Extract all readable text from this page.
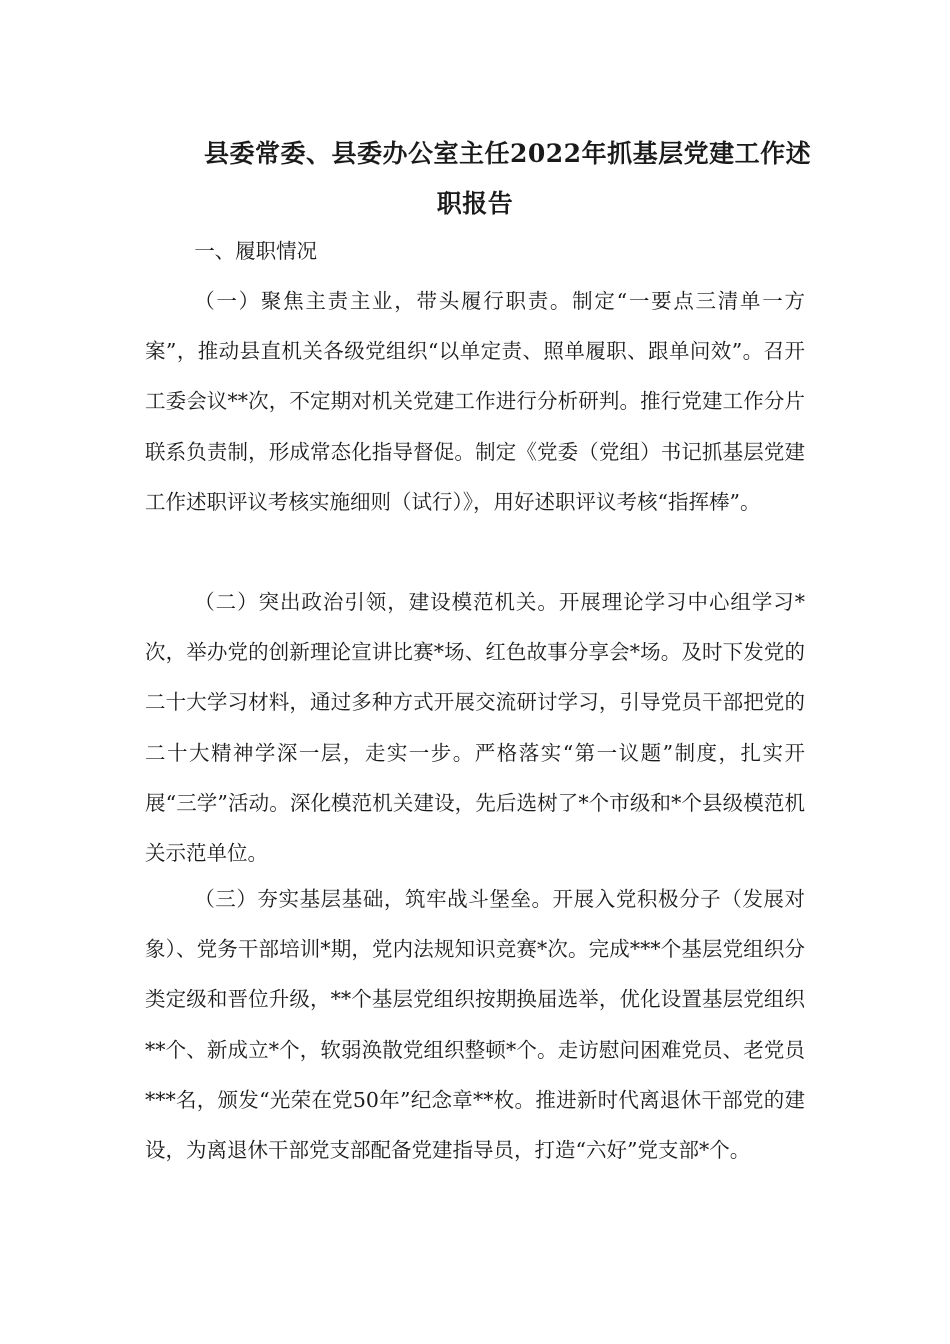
县委常委、县委办公室主任2022年抓基层党建工作述
职报告

一、履职情况

（一）聚焦主责主业，带头履行职责。制定“一要点三清单一方案”，推动县直机关各级党组织“以单定责、照单履职、跟单问效”。召开工委会议**次，不定期对机关党建工作进行分析研判。推行党建工作分片联系负责制，形成常态化指导督促。制定《党委（党组）书记抓基层党建工作述职评议考核实施细则（试行）》，用好述职评议考核“指挥棒”。

（二）突出政治引领，建设模范机关。开展理论学习中心组学习*次，举办党的创新理论宣讲比赛*场、红色故事分享会*场。及时下发党的二十大学习材料，通过多种方式开展交流研讨学习，引导党员干部把党的二十大精神学深一层，走实一步。严格落实“第一议题”制度，扎实开展“三学”活动。深化模范机关建设，先后选树了*个市级和*个县级模范机关示范单位。

（三）夯实基层基础，筑牢战斗堡垒。开展入党积极分子（发展对象）、党务干部培训*期，党内法规知识竞赛*次。完成***个基层党组织分类定级和晋位升级，**个基层党组织按期换届选举，优化设置基层党组织**个、新成立*个，软弱涣散党组织整顿*个。走访慰问困难党员、老党员***名，颁发“光荣在党50年”纪念章**枚。推进新时代离退休干部党的建设，为离退休干部党支部配备党建指导员，打造“六好”党支部*个。
